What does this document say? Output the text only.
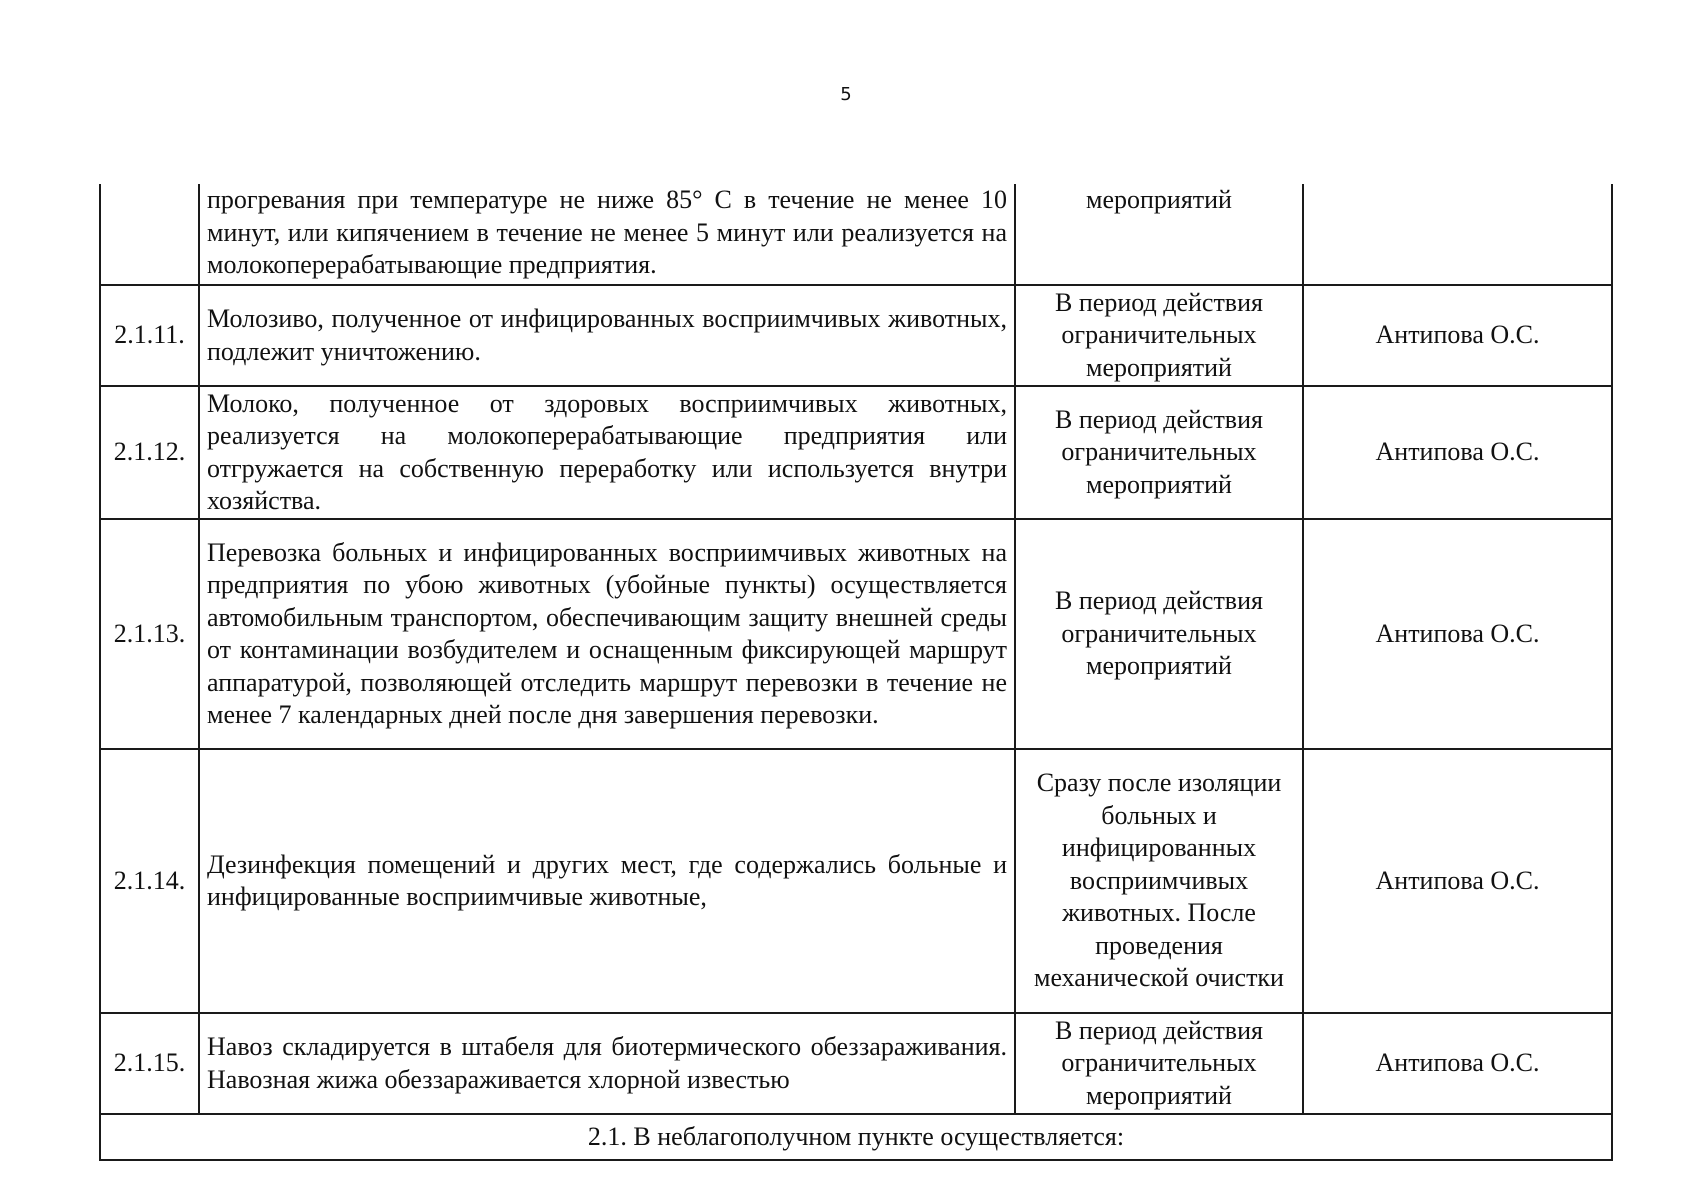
5
	прогревания при температуре не ниже 85° С в течение не менее 10 минут, или кипячением в течение не менее 5 минут или реализуется на молокоперерабатывающие предприятия.	мероприятий	
2.1.11.	Молозиво, полученное от инфицированных восприимчивых животных, подлежит уничтожению.	В период действия ограничительных мероприятий	Антипова О.С.
2.1.12.	Молоко, полученное от здоровых восприимчивых животных, реализуется на молокоперерабатывающие предприятия или отгружается на собственную переработку или используется внутри хозяйства.	В период действия ограничительных мероприятий	Антипова О.С.
2.1.13.	Перевозка больных и инфицированных восприимчивых животных на предприятия по убою животных (убойные пункты) осуществляется автомобильным транспортом, обеспечивающим защиту внешней среды от контаминации возбудителем и оснащенным фиксирующей маршрут аппаратурой, позволяющей отследить маршрут перевозки в течение не менее 7 календарных дней после дня завершения перевозки.	В период действия ограничительных мероприятий	Антипова О.С.
2.1.14.	Дезинфекция помещений и других мест, где содержались больные и инфицированные восприимчивые животные,	Сразу после изоляции больных и инфицированных восприимчивых животных. После проведения механической очистки	Антипова О.С.
2.1.15.	Навоз складируется в штабеля для биотермического обеззараживания. Навозная жижа обеззараживается хлорной известью	В период действия ограничительных мероприятий	Антипова О.С.
2.1. В неблагополучном пункте осуществляется:			
